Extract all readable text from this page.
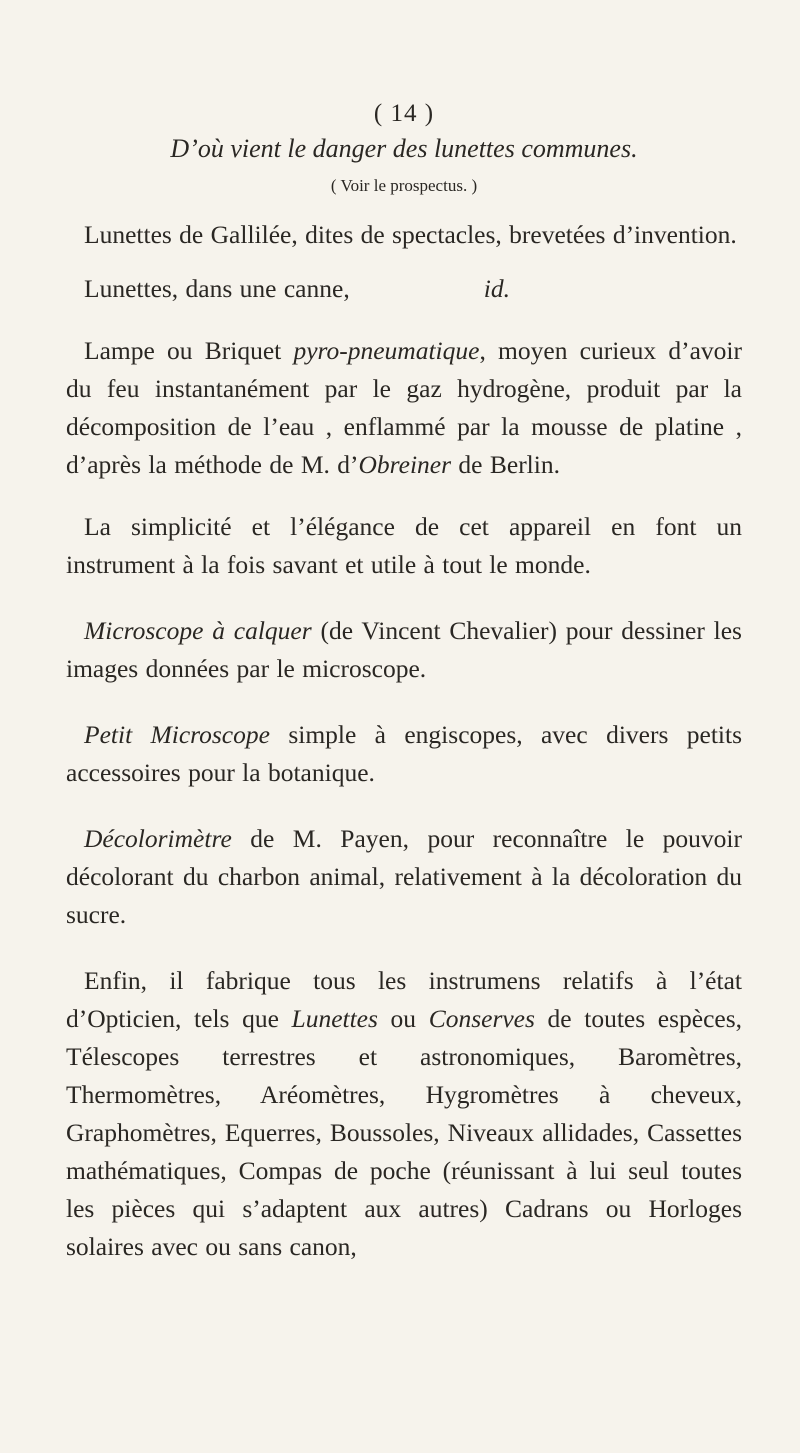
( 14 )
D’où vient le danger des lunettes communes.
( Voir le prospectus. )

Lunettes de Gallilée, dites de spectacles, brevetées d’invention.

Lunettes, dans une canne,	id.

Lampe ou Briquet pyro-pneumatique, moyen curieux d’avoir du feu instantanément par le gaz hydrogène, produit par la décomposition de l’eau , enflammé par la mousse de platine , d’après la méthode de M. d’Obreiner de Berlin.

La simplicité et l’élégance de cet appareil en font un instrument à la fois savant et utile à tout le monde.

Microscope à calquer (de Vincent Chevalier) pour dessiner les images données par le microscope.

Petit Microscope simple à engiscopes, avec divers petits accessoires pour la botanique.

Décolorimètre de M. Payen, pour reconnaître le pouvoir décolorant du charbon animal, relativement à la décoloration du sucre.

Enfin, il fabrique tous les instrumens relatifs à l’état d’Opticien, tels que Lunettes ou Conserves de toutes espèces, Télescopes terrestres et astronomiques, Baromètres, Thermomètres, Aréomètres, Hygromètres à cheveux, Graphomètres, Equerres, Boussoles, Niveaux allidades, Cassettes mathématiques, Compas de poche (réunissant à lui seul toutes les pièces qui s’adaptent aux autres) Cadrans ou Horloges solaires avec ou sans canon,
